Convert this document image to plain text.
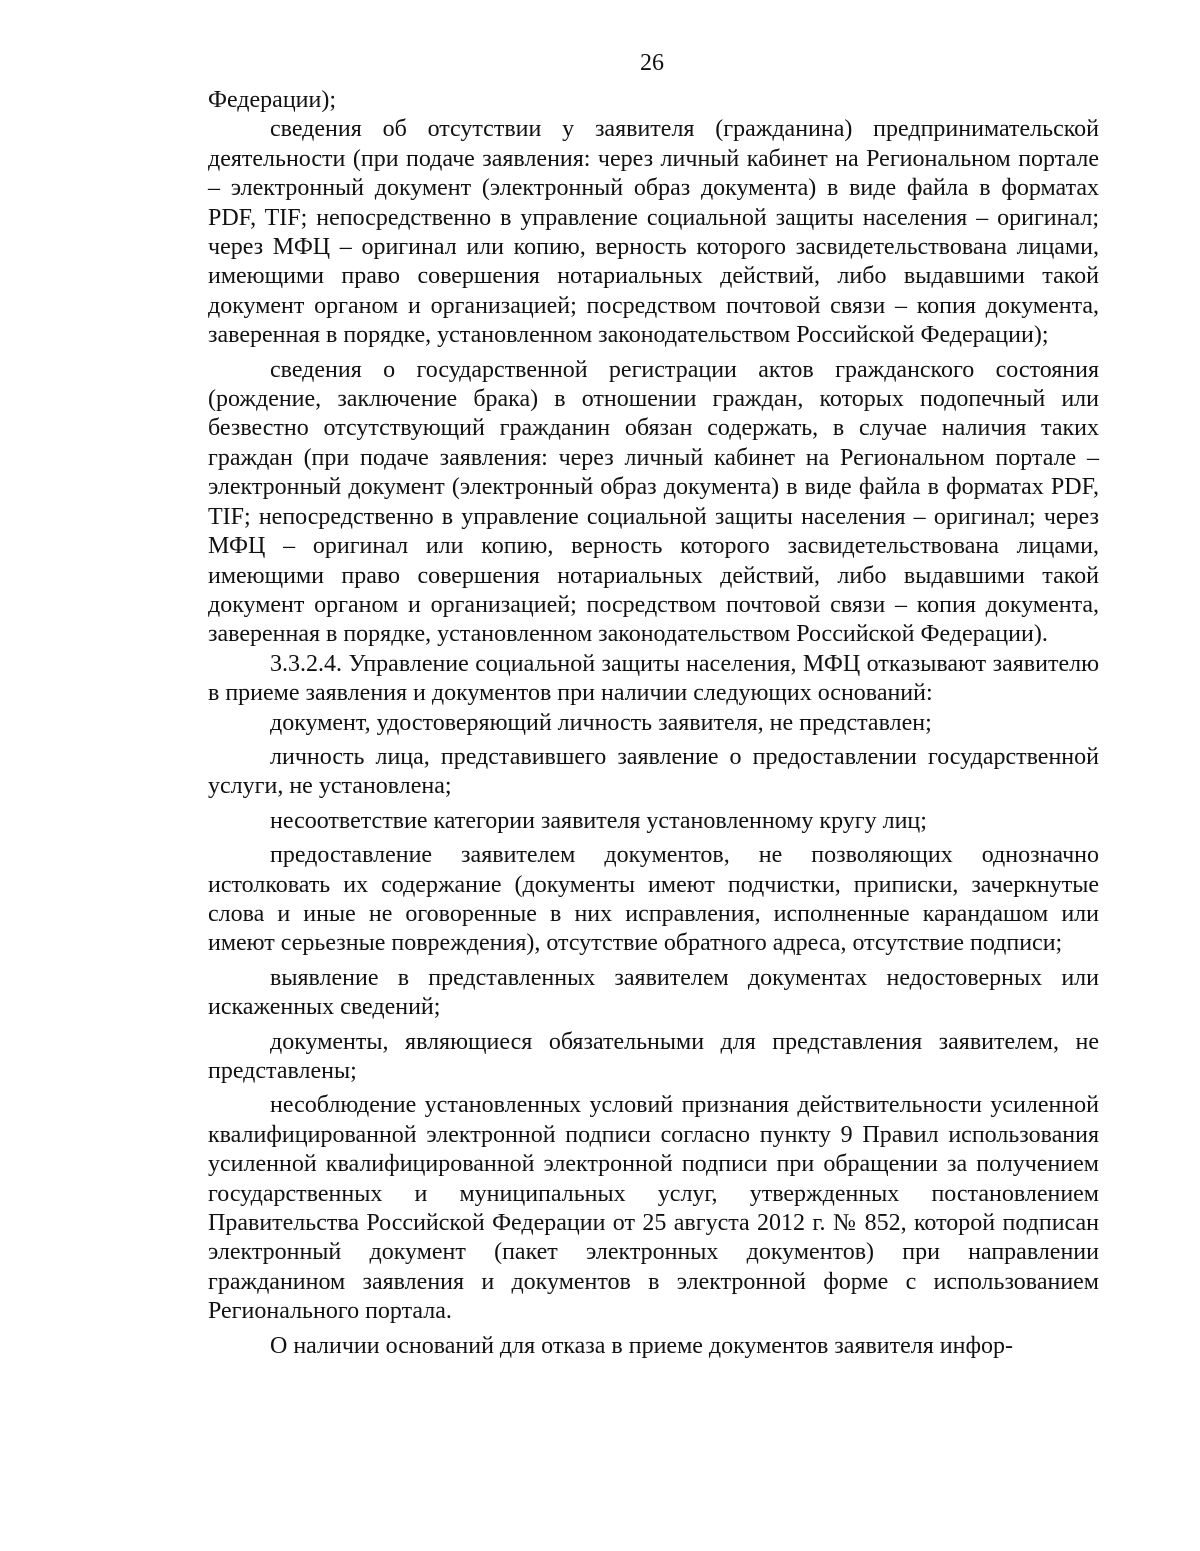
26

Федерации);

сведения об отсутствии у заявителя (гражданина) предпринимательской деятельности (при подаче заявления: через личный кабинет на Региональном портале – электронный документ (электронный образ документа) в виде файла в форматах PDF, TIF; непосредственно в управление социальной защиты населения – оригинал; через МФЦ – оригинал или копию, верность которого засвидетельствована лицами, имеющими право совершения нотариальных действий, либо выдавшими такой документ органом и организацией; посредством почтовой связи – копия документа, заверенная в порядке, установленном законодательством Российской Федерации);

сведения о государственной регистрации актов гражданского состояния (рождение, заключение брака) в отношении граждан, которых подопечный или безвестно отсутствующий гражданин обязан содержать, в случае наличия таких граждан (при подаче заявления: через личный кабинет на Региональном портале – электронный документ (электронный образ документа) в виде файла в форматах PDF, TIF; непосредственно в управление социальной защиты населения – оригинал; через МФЦ – оригинал или копию, верность которого засвидетельствована лицами, имеющими право совершения нотариальных действий, либо выдавшими такой документ органом и организацией; посредством почтовой связи – копия документа, заверенная в порядке, установленном законодательством Российской Федерации).

3.3.2.4. Управление социальной защиты населения, МФЦ отказывают заявителю в приеме заявления и документов при наличии следующих оснований:

документ, удостоверяющий личность заявителя, не представлен;

личность лица, представившего заявление о предоставлении государственной услуги, не установлена;

несоответствие категории заявителя установленному кругу лиц;

предоставление заявителем документов, не позволяющих однозначно истолковать их содержание (документы имеют подчистки, приписки, зачеркнутые слова и иные не оговоренные в них исправления, исполненные карандашом или имеют серьезные повреждения), отсутствие обратного адреса, отсутствие подписи;

выявление в представленных заявителем документах недостоверных или искаженных сведений;

документы, являющиеся обязательными для представления заявителем, не представлены;

несоблюдение установленных условий признания действительности усиленной квалифицированной электронной подписи согласно пункту 9 Правил использования усиленной квалифицированной электронной подписи при обращении за получением государственных и муниципальных услуг, утвержденных постановлением Правительства Российской Федерации от 25 августа 2012 г. № 852, которой подписан электронный документ (пакет электронных документов) при направлении гражданином заявления и документов в электронной форме с использованием Регионального портала.

О наличии оснований для отказа в приеме документов заявителя инфор-
